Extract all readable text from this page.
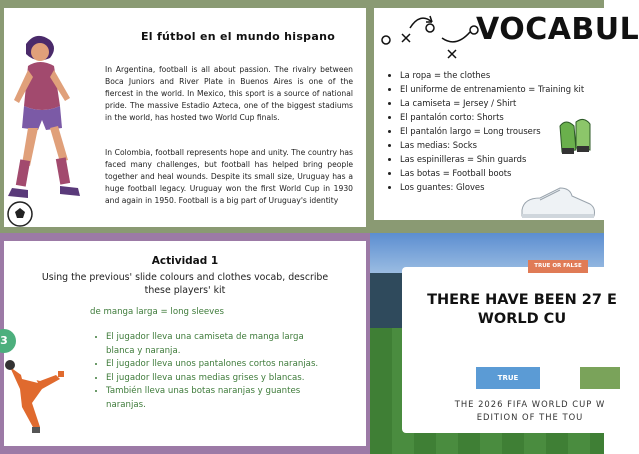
El fútbol en el mundo hispano

In Argentina, football is all about passion. The rivalry between Boca Juniors and River Plate in Buenos Aires is one of the fiercest in the world. In Mexico, this sport is a source of national pride. The massive Estadio Azteca, one of the biggest stadiums in the world, has hosted two World Cup finals.

In Colombia, football represents hope and unity. The country has faced many challenges, but football has helped bring people together and heal wounds. Despite its small size, Uruguay has a huge football legacy. Uruguay won the first World Cup in 1930 and again in 1950. Football is a big part of Uruguay's identity

VOCABUL
• La ropa = the clothes
• El uniforme de entrenamiento = Training kit
• La camiseta = Jersey / Shirt
• El pantalón corto: Shorts
• El pantalón largo = Long trousers
• Las medias: Socks
• Las espinilleras = Shin guards
• Las botas = Football boots
• Los guantes: Gloves
3
Actividad 1

Using the previous' slide colours and clothes vocab, describe these players' kit

de manga larga = long sleeves

• El jugador lleva una camiseta de manga larga blanca y naranja.
• El jugador lleva unos pantalones cortos naranjas.
• El jugador lleva unas medias grises y blancas.
• También lleva unas botas naranjas y guantes naranjas.
TRUE OR FALSE

THERE HAVE BEEN 27 E
WORLD CU

TRUE

THE 2026 FIFA WORLD CUP W
EDITION OF THE TOU
